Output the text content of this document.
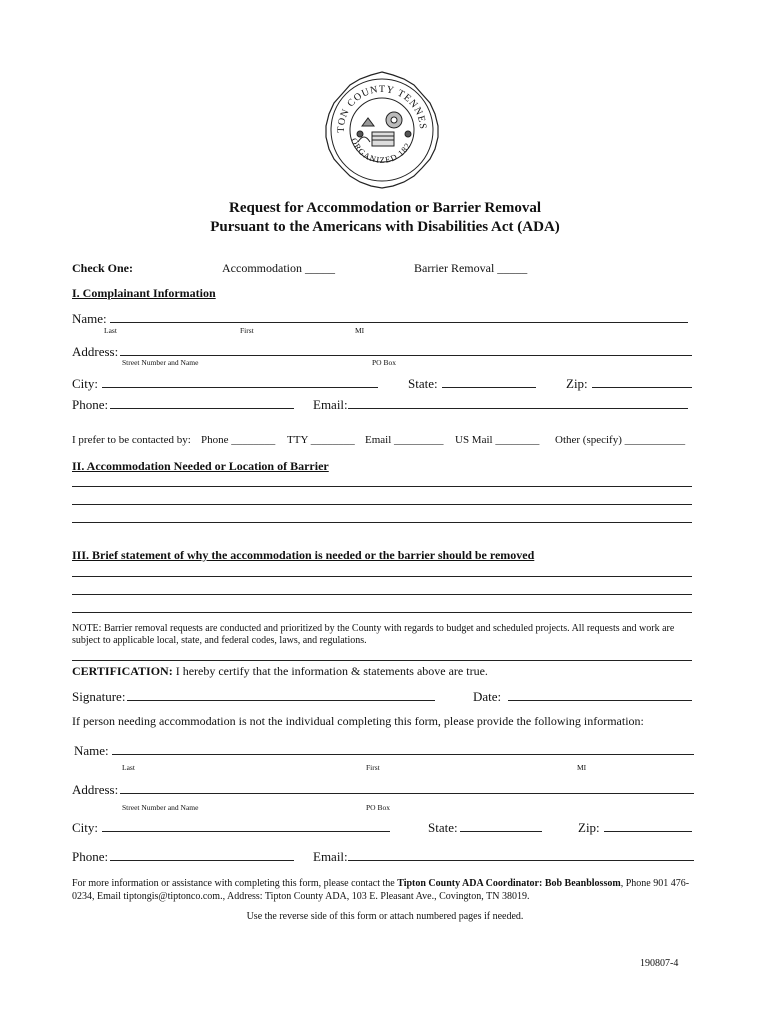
TON COUNTY TENNES
ORGANIZED 182
Request for Accommodation or Barrier Removal
Pursuant to the Americans with Disabilities Act (ADA)
Check One:	Accommodation _____	Barrier Removal _____
I. Complainant Information
Name:
Last	First	MI
Address:
Street Number and Name	PO Box
City:	State:	Zip:
Phone:	Email:
I prefer to be contacted by: Phone ________ TTY ________ Email _________ US Mail ________ Other (specify) ___________
II. Accommodation Needed or Location of Barrier
III. Brief statement of why the accommodation is needed or the barrier should be removed
NOTE: Barrier removal requests are conducted and prioritized by the County with regards to budget and scheduled projects. All requests and work are subject to applicable local, state, and federal codes, laws, and regulations.
CERTIFICATION: I hereby certify that the information & statements above are true.
Signature:	Date:
If person needing accommodation is not the individual completing this form, please provide the following information:
Name:
Last	First	MI
Address:
Street Number and Name	PO Box
City:	State:	Zip:
Phone:	Email:
For more information or assistance with completing this form, please contact the Tipton County ADA Coordinator: Bob Beanblossom, Phone 901 476-0234, Email tiptongis@tiptonco.com., Address: Tipton County ADA, 103 E. Pleasant Ave., Covington, TN 38019.
Use the reverse side of this form or attach numbered pages if needed.
190807-4
